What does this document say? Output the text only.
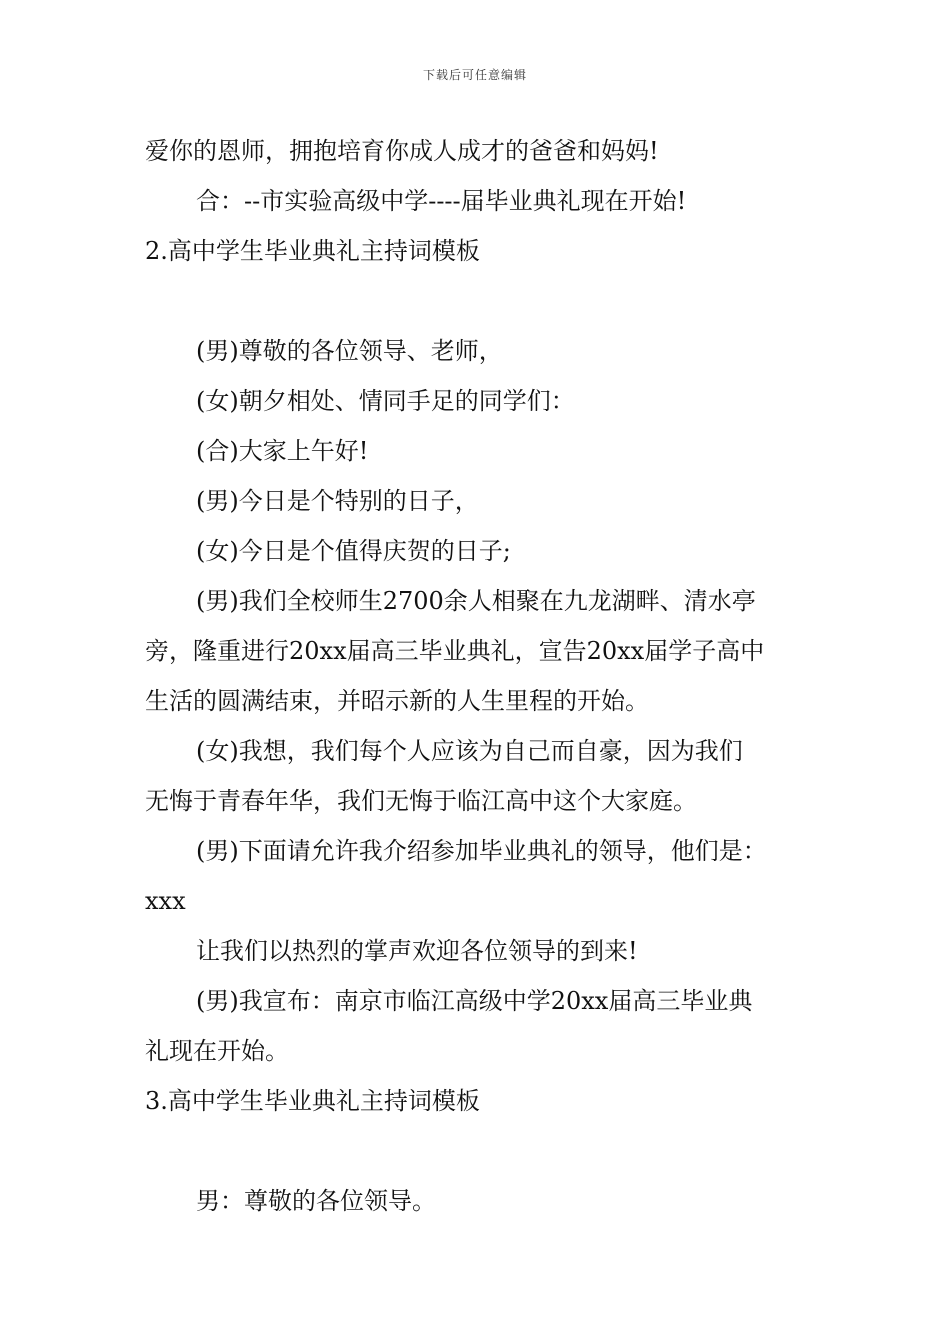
下载后可任意编辑
爱你的恩师，拥抱培育你成人成才的爸爸和妈妈!
合：--市实验高级中学----届毕业典礼现在开始!
2.高中学生毕业典礼主持词模板
(男)尊敬的各位领导、老师，
(女)朝夕相处、情同手足的同学们：
(合)大家上午好!
(男)今日是个特别的日子，
(女)今日是个值得庆贺的日子;
(男)我们全校师生2700余人相聚在九龙湖畔、清水亭
旁，隆重进行20xx届高三毕业典礼，宣告20xx届学子高中
生活的圆满结束，并昭示新的人生里程的开始。
(女)我想，我们每个人应该为自己而自豪，因为我们
无悔于青春年华，我们无悔于临江高中这个大家庭。
(男)下面请允许我介绍参加毕业典礼的领导，他们是：
xxx
让我们以热烈的掌声欢迎各位领导的到来!
(男)我宣布：南京市临江高级中学20xx届高三毕业典
礼现在开始。
3.高中学生毕业典礼主持词模板
男：尊敬的各位领导。
